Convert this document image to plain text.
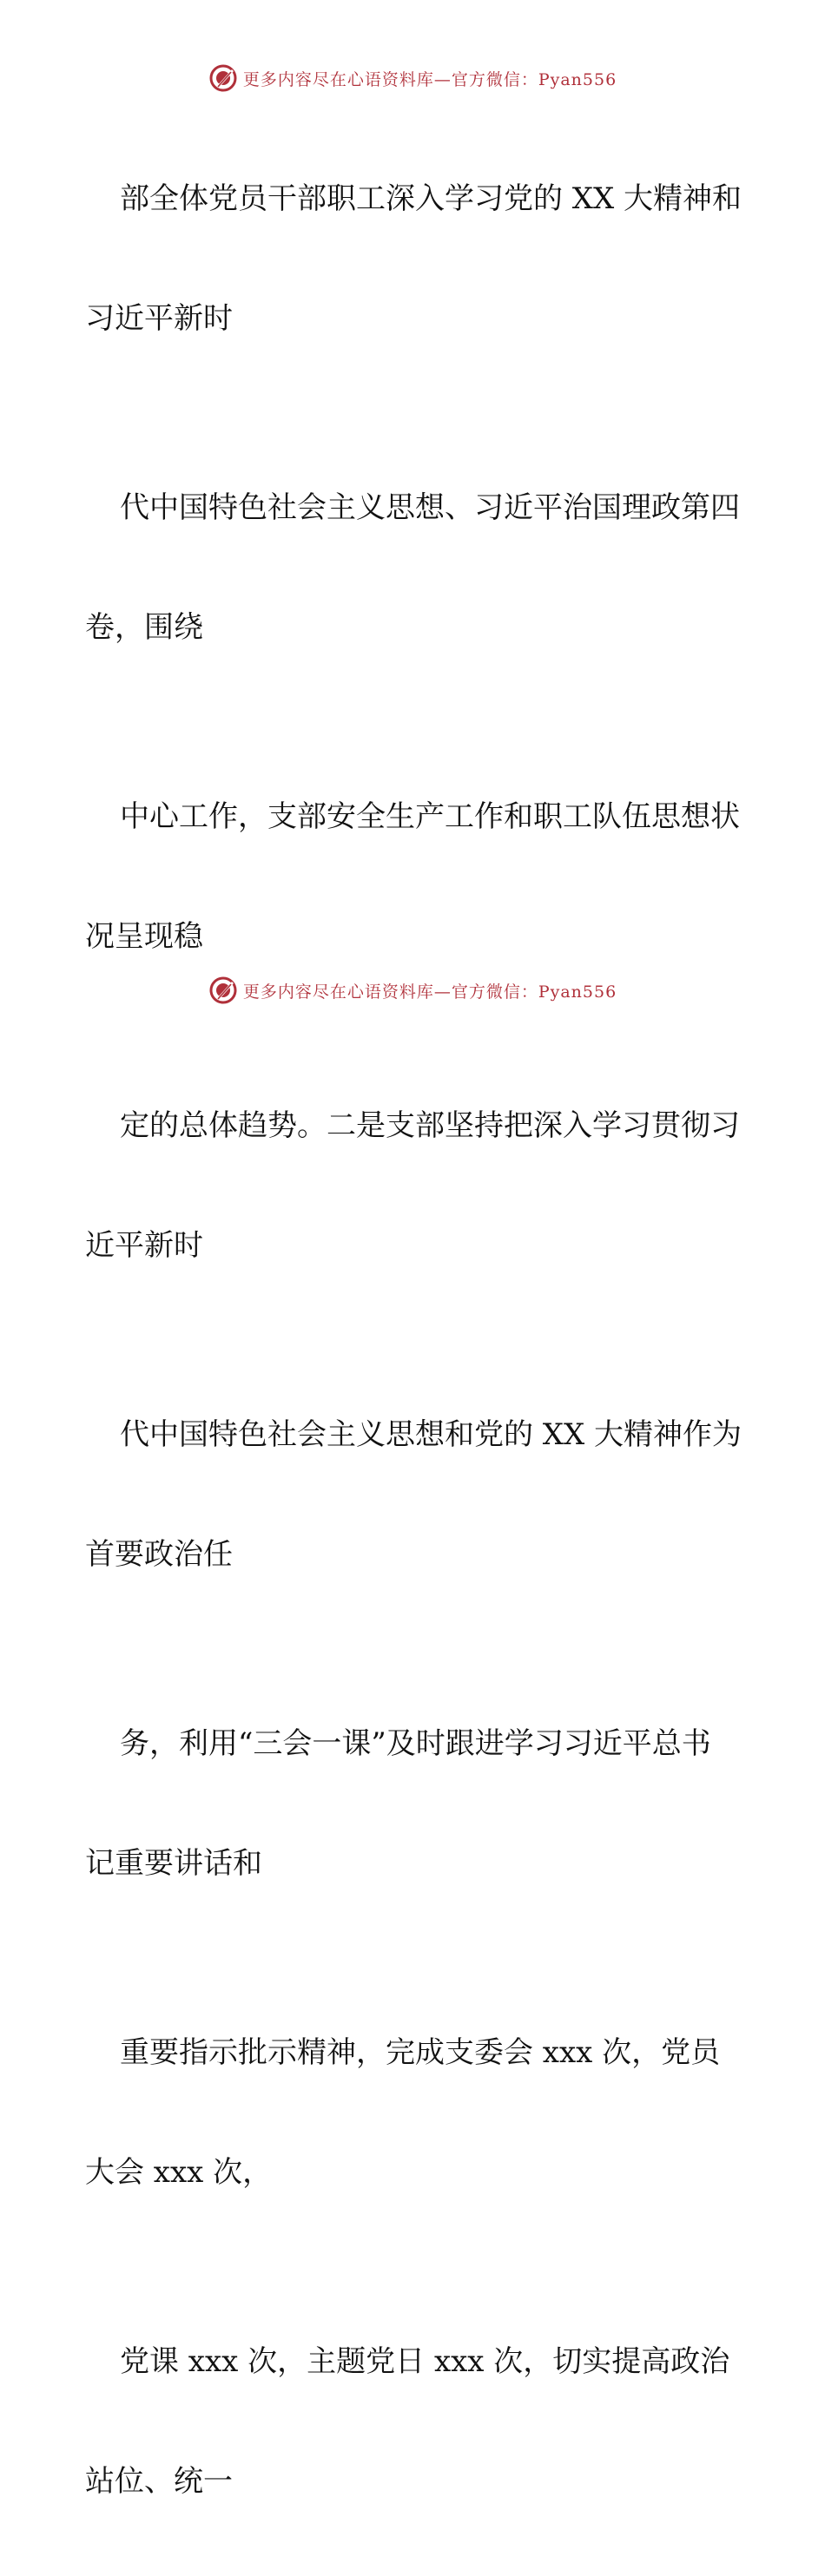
更多内容尽在心语资料库—官方微信：Pyan556

部全体党员干部职工深入学习党的 XX 大精神和

习近平新时

代中国特色社会主义思想、习近平治国理政第四

卷，围绕

中心工作，支部安全生产工作和职工队伍思想状

况呈现稳

定的总体趋势。二是支部坚持把深入学习贯彻习

近平新时

代中国特色社会主义思想和党的 XX 大精神作为

首要政治任

务，利用“三会一课”及时跟进学习习近平总书

记重要讲话和

重要指示批示精神，完成支委会 xxx 次，党员

大会 xxx 次，

党课 xxx 次，主题党日 xxx 次，切实提高政治

站位、统一

更多内容尽在心语资料库—官方微信：Pyan556
